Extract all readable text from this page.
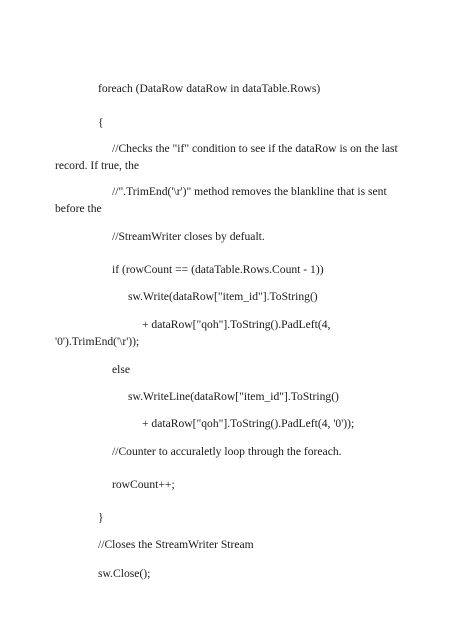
foreach (DataRow dataRow in dataTable.Rows)
{
//Checks the "if" condition to see if the dataRow is on the last record. If true, the
//".TrimEnd('\r')" method removes the blankline that is sent before the
//StreamWriter closes by defualt.
if (rowCount == (dataTable.Rows.Count - 1))
sw.Write(dataRow["item_id"].ToString()
+ dataRow["qoh"].ToString().PadLeft(4, '0').TrimEnd('\r'));
else
sw.WriteLine(dataRow["item_id"].ToString()
+ dataRow["qoh"].ToString().PadLeft(4, '0'));
//Counter to accuraletly loop through the foreach.
rowCount++;
}
//Closes the StreamWriter Stream
sw.Close();
